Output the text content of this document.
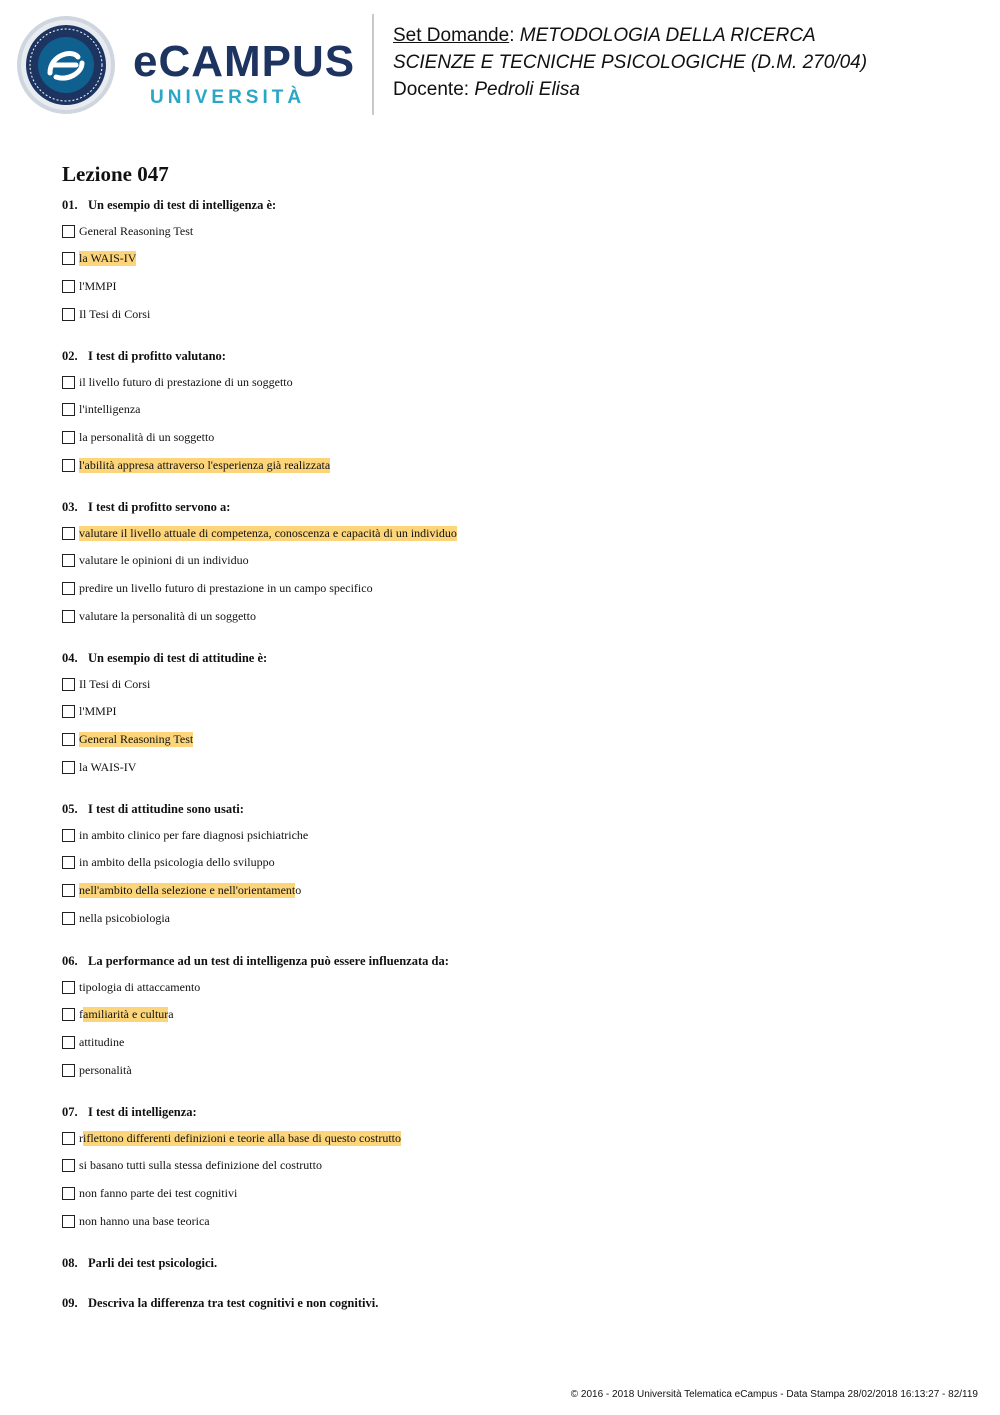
eCAMPUS
UNIVERSITÀ
Set Domande: METODOLOGIA DELLA RICERCA
SCIENZE E TECNICHE PSICOLOGICHE (D.M. 270/04)
Docente: Pedroli Elisa
Lezione 047
01. Un esempio di test di intelligenza è:
General Reasoning Test
la WAIS-IV
l'MMPI
Il Tesi di Corsi
02. I test di profitto valutano:
il livello futuro di prestazione di un soggetto
l'intelligenza
la personalità di un soggetto
l'abilità appresa attraverso l'esperienza già realizzata
03. I test di profitto servono a:
valutare il livello attuale di competenza, conoscenza e capacità di un individuo
valutare le opinioni di un individuo
predire un livello futuro di prestazione in un campo specifico
valutare la personalità di un soggetto
04. Un esempio di test di attitudine è:
Il Tesi di Corsi
l'MMPI
General Reasoning Test
la WAIS-IV
05. I test di attitudine sono usati:
in ambito clinico per fare diagnosi psichiatriche
in ambito della psicologia dello sviluppo
nell'ambito della selezione e nell'orientament o
nella psicobiologia
06. La performance ad un test di intelligenza può essere influenzata da:
tipologia di attaccamento
f amiliarità e cultur a
attitudine
personalità
07. I test di intelligenza:
r iflettono differenti definizioni e teorie alla base di questo costrutto
si basano tutti sulla stessa definizione del costrutto
non fanno parte dei test cognitivi
non hanno una base teorica
08. Parli dei test psicologici.
09. Descriva la differenza tra test cognitivi e non cognitivi.
© 2016 - 2018 Università Telematica eCampus - Data Stampa 28/02/2018 16:13:27 - 82/119
